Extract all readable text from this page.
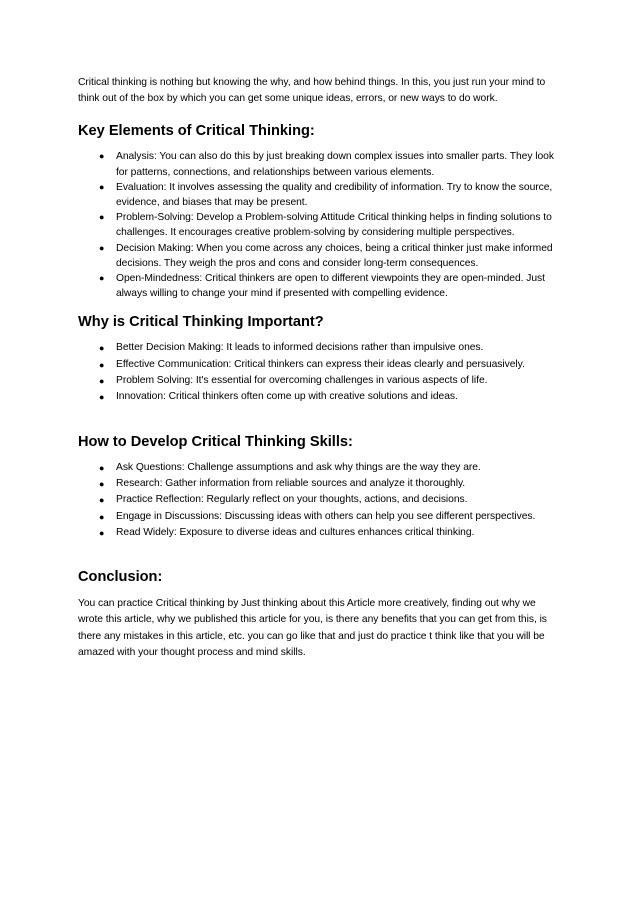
Critical thinking is nothing but knowing the why, and how behind things. In this, you just run your mind to think out of the box by which you can get some unique ideas, errors, or new ways to do work.

Key Elements of Critical Thinking:
● Analysis: You can also do this by just breaking down complex issues into smaller parts. They look for patterns, connections, and relationships between various elements.
● Evaluation: It involves assessing the quality and credibility of information. Try to know the source, evidence, and biases that may be present.
● Problem-Solving: Develop a Problem-solving Attitude Critical thinking helps in finding solutions to challenges. It encourages creative problem-solving by considering multiple perspectives.
● Decision Making: When you come across any choices, being a critical thinker just make informed decisions. They weigh the pros and cons and consider long-term consequences.
● Open-Mindedness: Critical thinkers are open to different viewpoints they are open-minded. Just always willing to change your mind if presented with compelling evidence.
Why is Critical Thinking Important?
● Better Decision Making: It leads to informed decisions rather than impulsive ones.
● Effective Communication: Critical thinkers can express their ideas clearly and persuasively.
● Problem Solving: It's essential for overcoming challenges in various aspects of life.
● Innovation: Critical thinkers often come up with creative solutions and ideas.
How to Develop Critical Thinking Skills:
● Ask Questions: Challenge assumptions and ask why things are the way they are.
● Research: Gather information from reliable sources and analyze it thoroughly.
● Practice Reflection: Regularly reflect on your thoughts, actions, and decisions.
● Engage in Discussions: Discussing ideas with others can help you see different perspectives.
● Read Widely: Exposure to diverse ideas and cultures enhances critical thinking.
Conclusion:

You can practice Critical thinking by Just thinking about this Article more creatively, finding out why we wrote this article, why we published this article for you, is there any benefits that you can get from this, is there any mistakes in this article, etc. you can go like that and just do practice t think like that you will be amazed with your thought process and mind skills.
